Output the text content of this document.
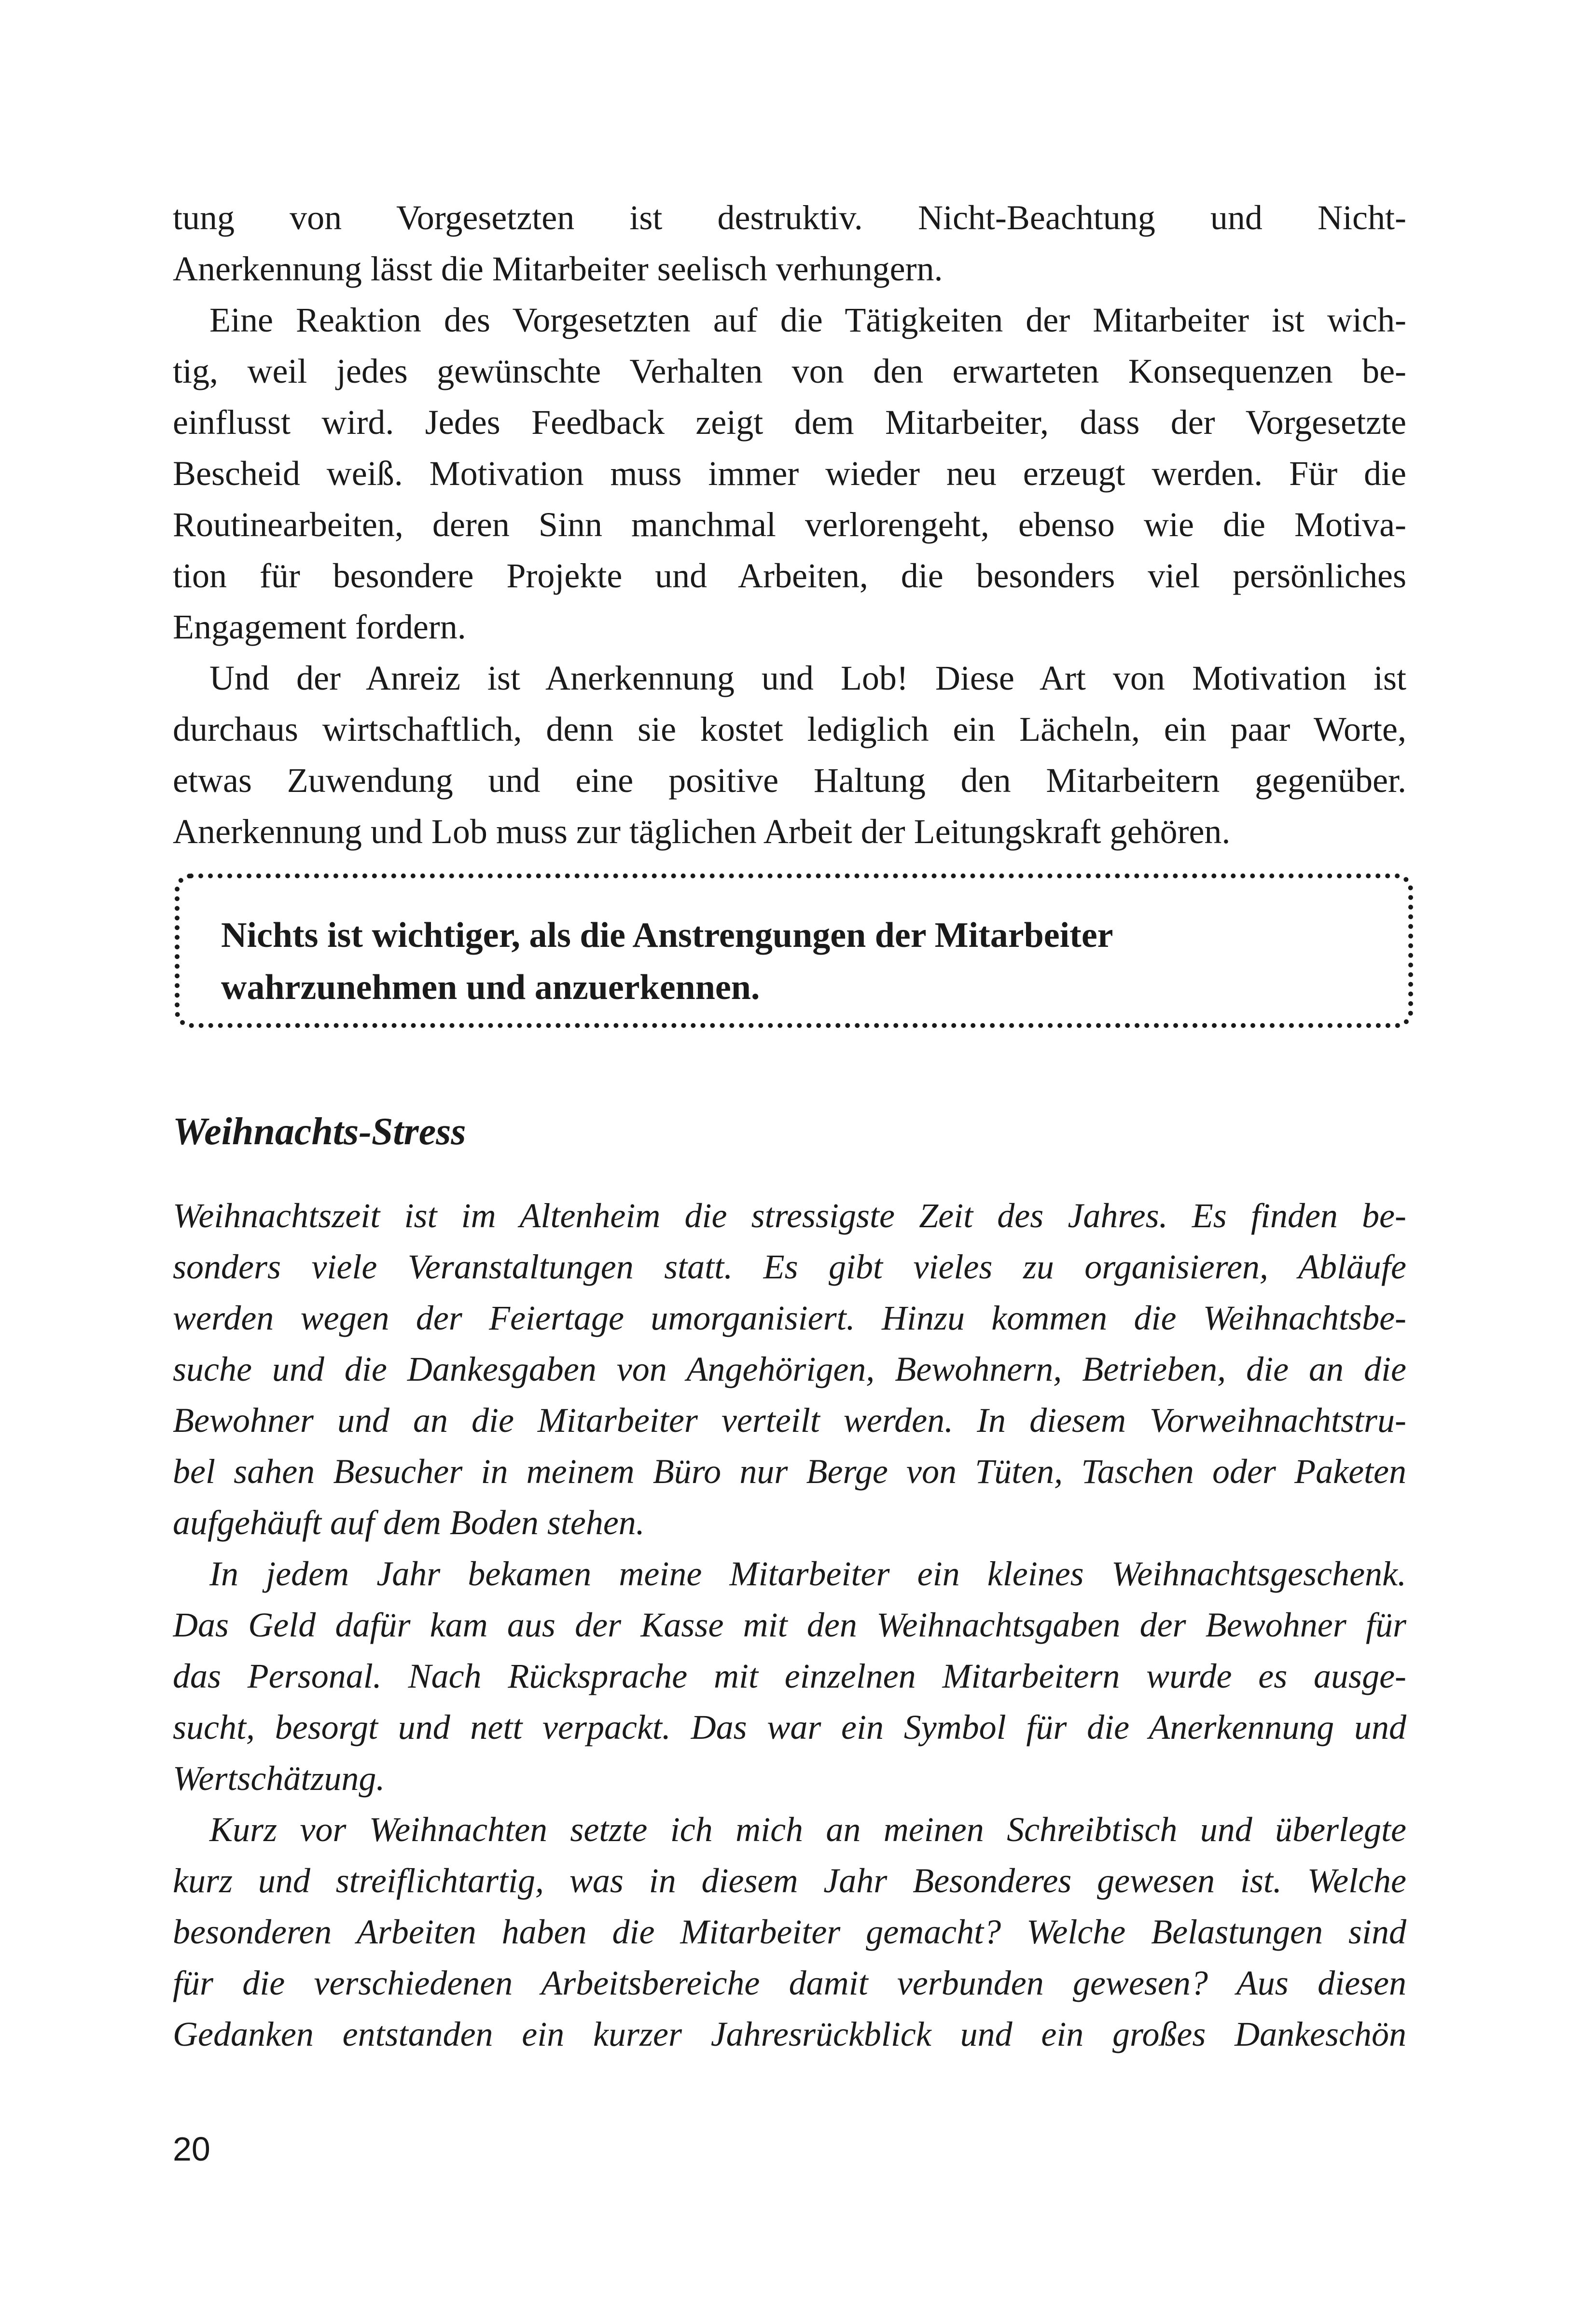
tung von Vorgesetzten ist destruktiv. Nicht-Beachtung und Nicht-
Anerkennung lässt die Mitarbeiter seelisch verhungern.
Eine Reaktion des Vorgesetzten auf die Tätigkeiten der Mitarbeiter ist wich-
tig, weil jedes gewünschte Verhalten von den erwarteten Konsequenzen be-
einflusst wird. Jedes Feedback zeigt dem Mitarbeiter, dass der Vorgesetzte
Bescheid weiß. Motivation muss immer wieder neu erzeugt werden. Für die
Routinearbeiten, deren Sinn manchmal verlorengeht, ebenso wie die Motiva-
tion für besondere Projekte und Arbeiten, die besonders viel persönliches
Engagement fordern.
Und der Anreiz ist Anerkennung und Lob! Diese Art von Motivation ist
durchaus wirtschaftlich, denn sie kostet lediglich ein Lächeln, ein paar Worte,
etwas Zuwendung und eine positive Haltung den Mitarbeitern gegenüber.
Anerkennung und Lob muss zur täglichen Arbeit der Leitungskraft gehören.
Nichts ist wichtiger, als die Anstrengungen der Mitarbeiter
wahrzunehmen und anzuerkennen.
Weihnachts-Stress
Weihnachtszeit ist im Altenheim die stressigste Zeit des Jahres. Es finden be-
sonders viele Veranstaltungen statt. Es gibt vieles zu organisieren, Abläufe
werden wegen der Feiertage umorganisiert. Hinzu kommen die Weihnachtsbe-
suche und die Dankesgaben von Angehörigen, Bewohnern, Betrieben, die an die
Bewohner und an die Mitarbeiter verteilt werden. In diesem Vorweihnachtstru-
bel sahen Besucher in meinem Büro nur Berge von Tüten, Taschen oder Paketen
aufgehäuft auf dem Boden stehen.
In jedem Jahr bekamen meine Mitarbeiter ein kleines Weihnachtsgeschenk.
Das Geld dafür kam aus der Kasse mit den Weihnachtsgaben der Bewohner für
das Personal. Nach Rücksprache mit einzelnen Mitarbeitern wurde es ausge-
sucht, besorgt und nett verpackt. Das war ein Symbol für die Anerkennung und
Wertschätzung.
Kurz vor Weihnachten setzte ich mich an meinen Schreibtisch und überlegte
kurz und streiflichtartig, was in diesem Jahr Besonderes gewesen ist. Welche
besonderen Arbeiten haben die Mitarbeiter gemacht? Welche Belastungen sind
für die verschiedenen Arbeitsbereiche damit verbunden gewesen? Aus diesen
Gedanken entstanden ein kurzer Jahresrückblick und ein großes Dankeschön
20
